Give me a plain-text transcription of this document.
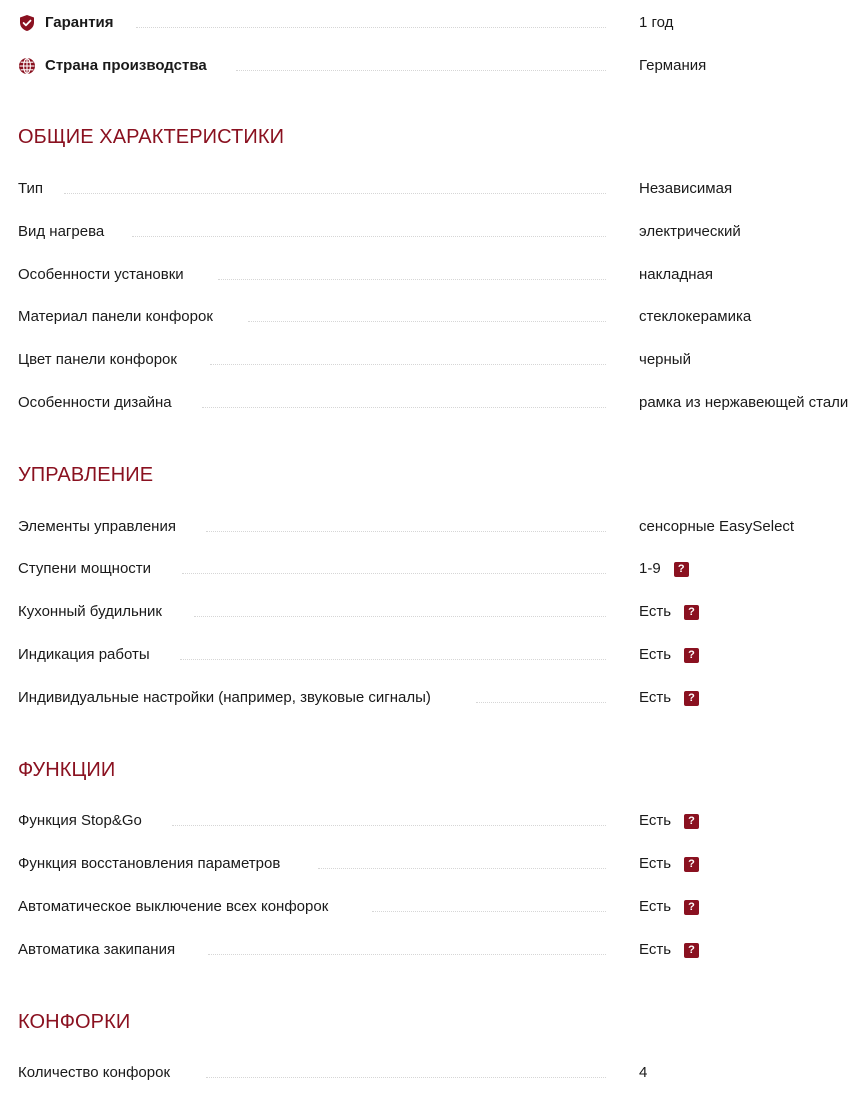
Гарантия	1 год
Страна производства	Германия
ОБЩИЕ ХАРАКТЕРИСТИКИ
Тип	Независимая
Вид нагрева	электрический
Особенности установки	накладная
Материал панели конфорок	стеклокерамика
Цвет панели конфорок	черный
Особенности дизайна	рамка из нержавеющей стали
УПРАВЛЕНИЕ
Элементы управления	сенсорные EasySelect
Ступени мощности	1-9	?
Кухонный будильник	Есть	?
Индикация работы	Есть	?
Индивидуальные настройки (например, звуковые сигналы)	Есть	?
ФУНКЦИИ
Функция Stop&Go	Есть	?
Функция восстановления параметров	Есть	?
Автоматическое выключение всех конфорок	Есть	?
Автоматика закипания	Есть	?
КОНФОРКИ
Количество конфорок	4
